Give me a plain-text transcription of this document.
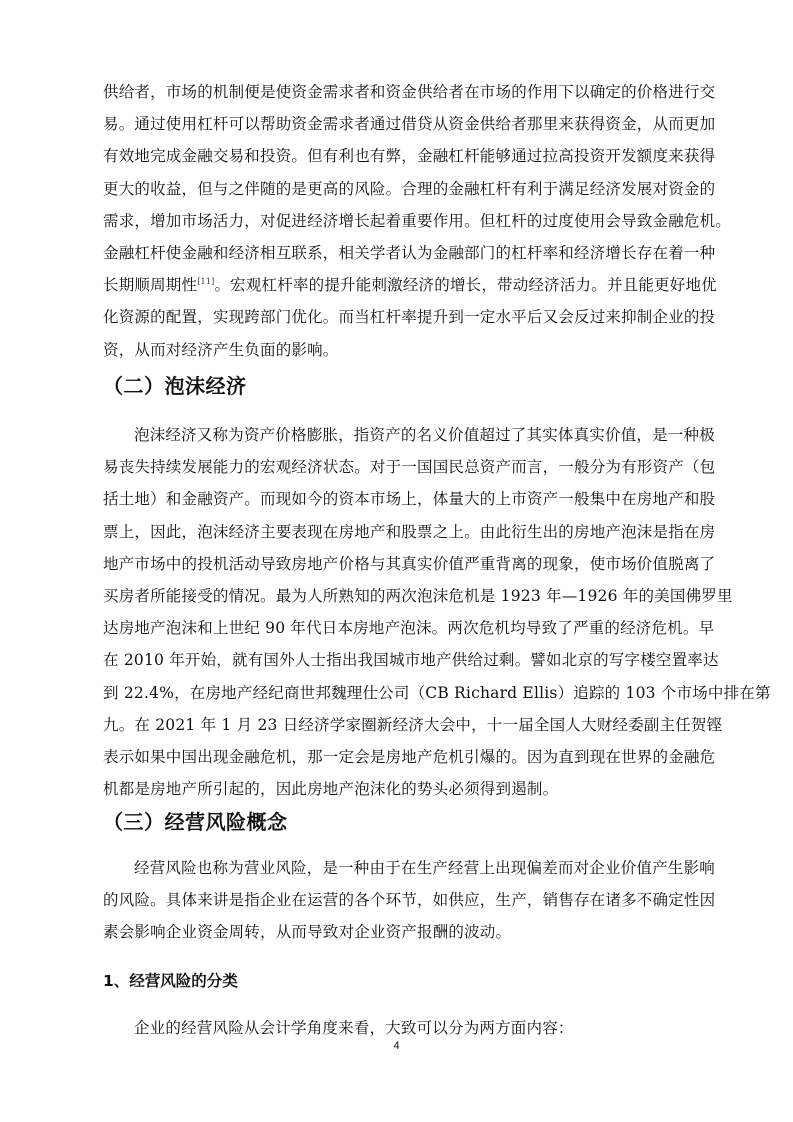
供给者，市场的机制便是使资金需求者和资金供给者在市场的作用下以确定的价格进行交
易。通过使用杠杆可以帮助资金需求者通过借贷从资金供给者那里来获得资金，从而更加
有效地完成金融交易和投资。但有利也有弊，金融杠杆能够通过拉高投资开发额度来获得
更大的收益，但与之伴随的是更高的风险。合理的金融杠杆有利于满足经济发展对资金的
需求，增加市场活力，对促进经济增长起着重要作用。但杠杆的过度使用会导致金融危机。
金融杠杆使金融和经济相互联系，相关学者认为金融部门的杠杆率和经济增长存在着一种
长期顺周期性[11]。宏观杠杆率的提升能刺激经济的增长，带动经济活力。并且能更好地优
化资源的配置，实现跨部门优化。而当杠杆率提升到一定水平后又会反过来抑制企业的投
资，从而对经济产生负面的影响。
（二）泡沫经济
泡沫经济又称为资产价格膨胀，指资产的名义价值超过了其实体真实价值，是一种极
易丧失持续发展能力的宏观经济状态。对于一国国民总资产而言，一般分为有形资产（包
括土地）和金融资产。而现如今的资本市场上，体量大的上市资产一般集中在房地产和股
票上，因此，泡沫经济主要表现在房地产和股票之上。由此衍生出的房地产泡沫是指在房
地产市场中的投机活动导致房地产价格与其真实价值严重背离的现象，使市场价值脱离了
买房者所能接受的情况。最为人所熟知的两次泡沫危机是 1923 年—1926 年的美国佛罗里
达房地产泡沫和上世纪 90 年代日本房地产泡沫。两次危机均导致了严重的经济危机。早
在 2010 年开始，就有国外人士指出我国城市地产供给过剩。譬如北京的写字楼空置率达
到 22.4%，在房地产经纪商世邦魏理仕公司（CB Richard Ellis）追踪的 103 个市场中排在第
九。在 2021 年 1 月 23 日经济学家圈新经济大会中，十一届全国人大财经委副主任贺铿
表示如果中国出现金融危机，那一定会是房地产危机引爆的。因为直到现在世界的金融危
机都是房地产所引起的，因此房地产泡沫化的势头必须得到遏制。
（三）经营风险概念
经营风险也称为营业风险，是一种由于在生产经营上出现偏差而对企业价值产生影响
的风险。具体来讲是指企业在运营的各个环节，如供应，生产，销售存在诸多不确定性因
素会影响企业资金周转，从而导致对企业资产报酬的波动。
1、经营风险的分类
企业的经营风险从会计学角度来看，大致可以分为两方面内容：
4
